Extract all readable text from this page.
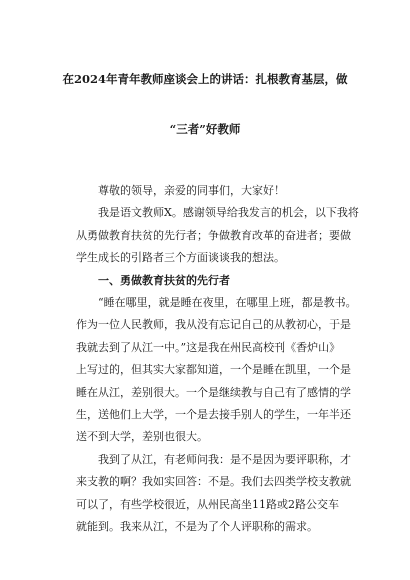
在2024年青年教师座谈会上的讲话：扎根教育基层，做
“三者”好教师

尊敬的领导，亲爱的同事们，大家好！

我是语文教师X。感谢领导给我发言的机会，以下我将

从勇做教育扶贫的先行者；争做教育改革的奋进者；要做

学生成长的引路者三个方面谈谈我的想法。

一、勇做教育扶贫的先行者

“睡在哪里，就是睡在夜里，在哪里上班，都是教书。

作为一位人民教师，我从没有忘记自己的从教初心，于是

我就去到了从江一中。”这是我在州民高校刊《香炉山》

上写过的，但其实大家都知道，一个是睡在凯里，一个是

睡在从江，差别很大。一个是继续教与自己有了感情的学

生，送他们上大学，一个是去接手别人的学生，一年半还

送不到大学，差别也很大。

我到了从江，有老师问我：是不是因为要评职称，才

来支教的啊？我如实回答：不是。我们去四类学校支教就

可以了，有些学校很近，从州民高坐11路或2路公交车

就能到。我来从江，不是为了个人评职称的需求。
